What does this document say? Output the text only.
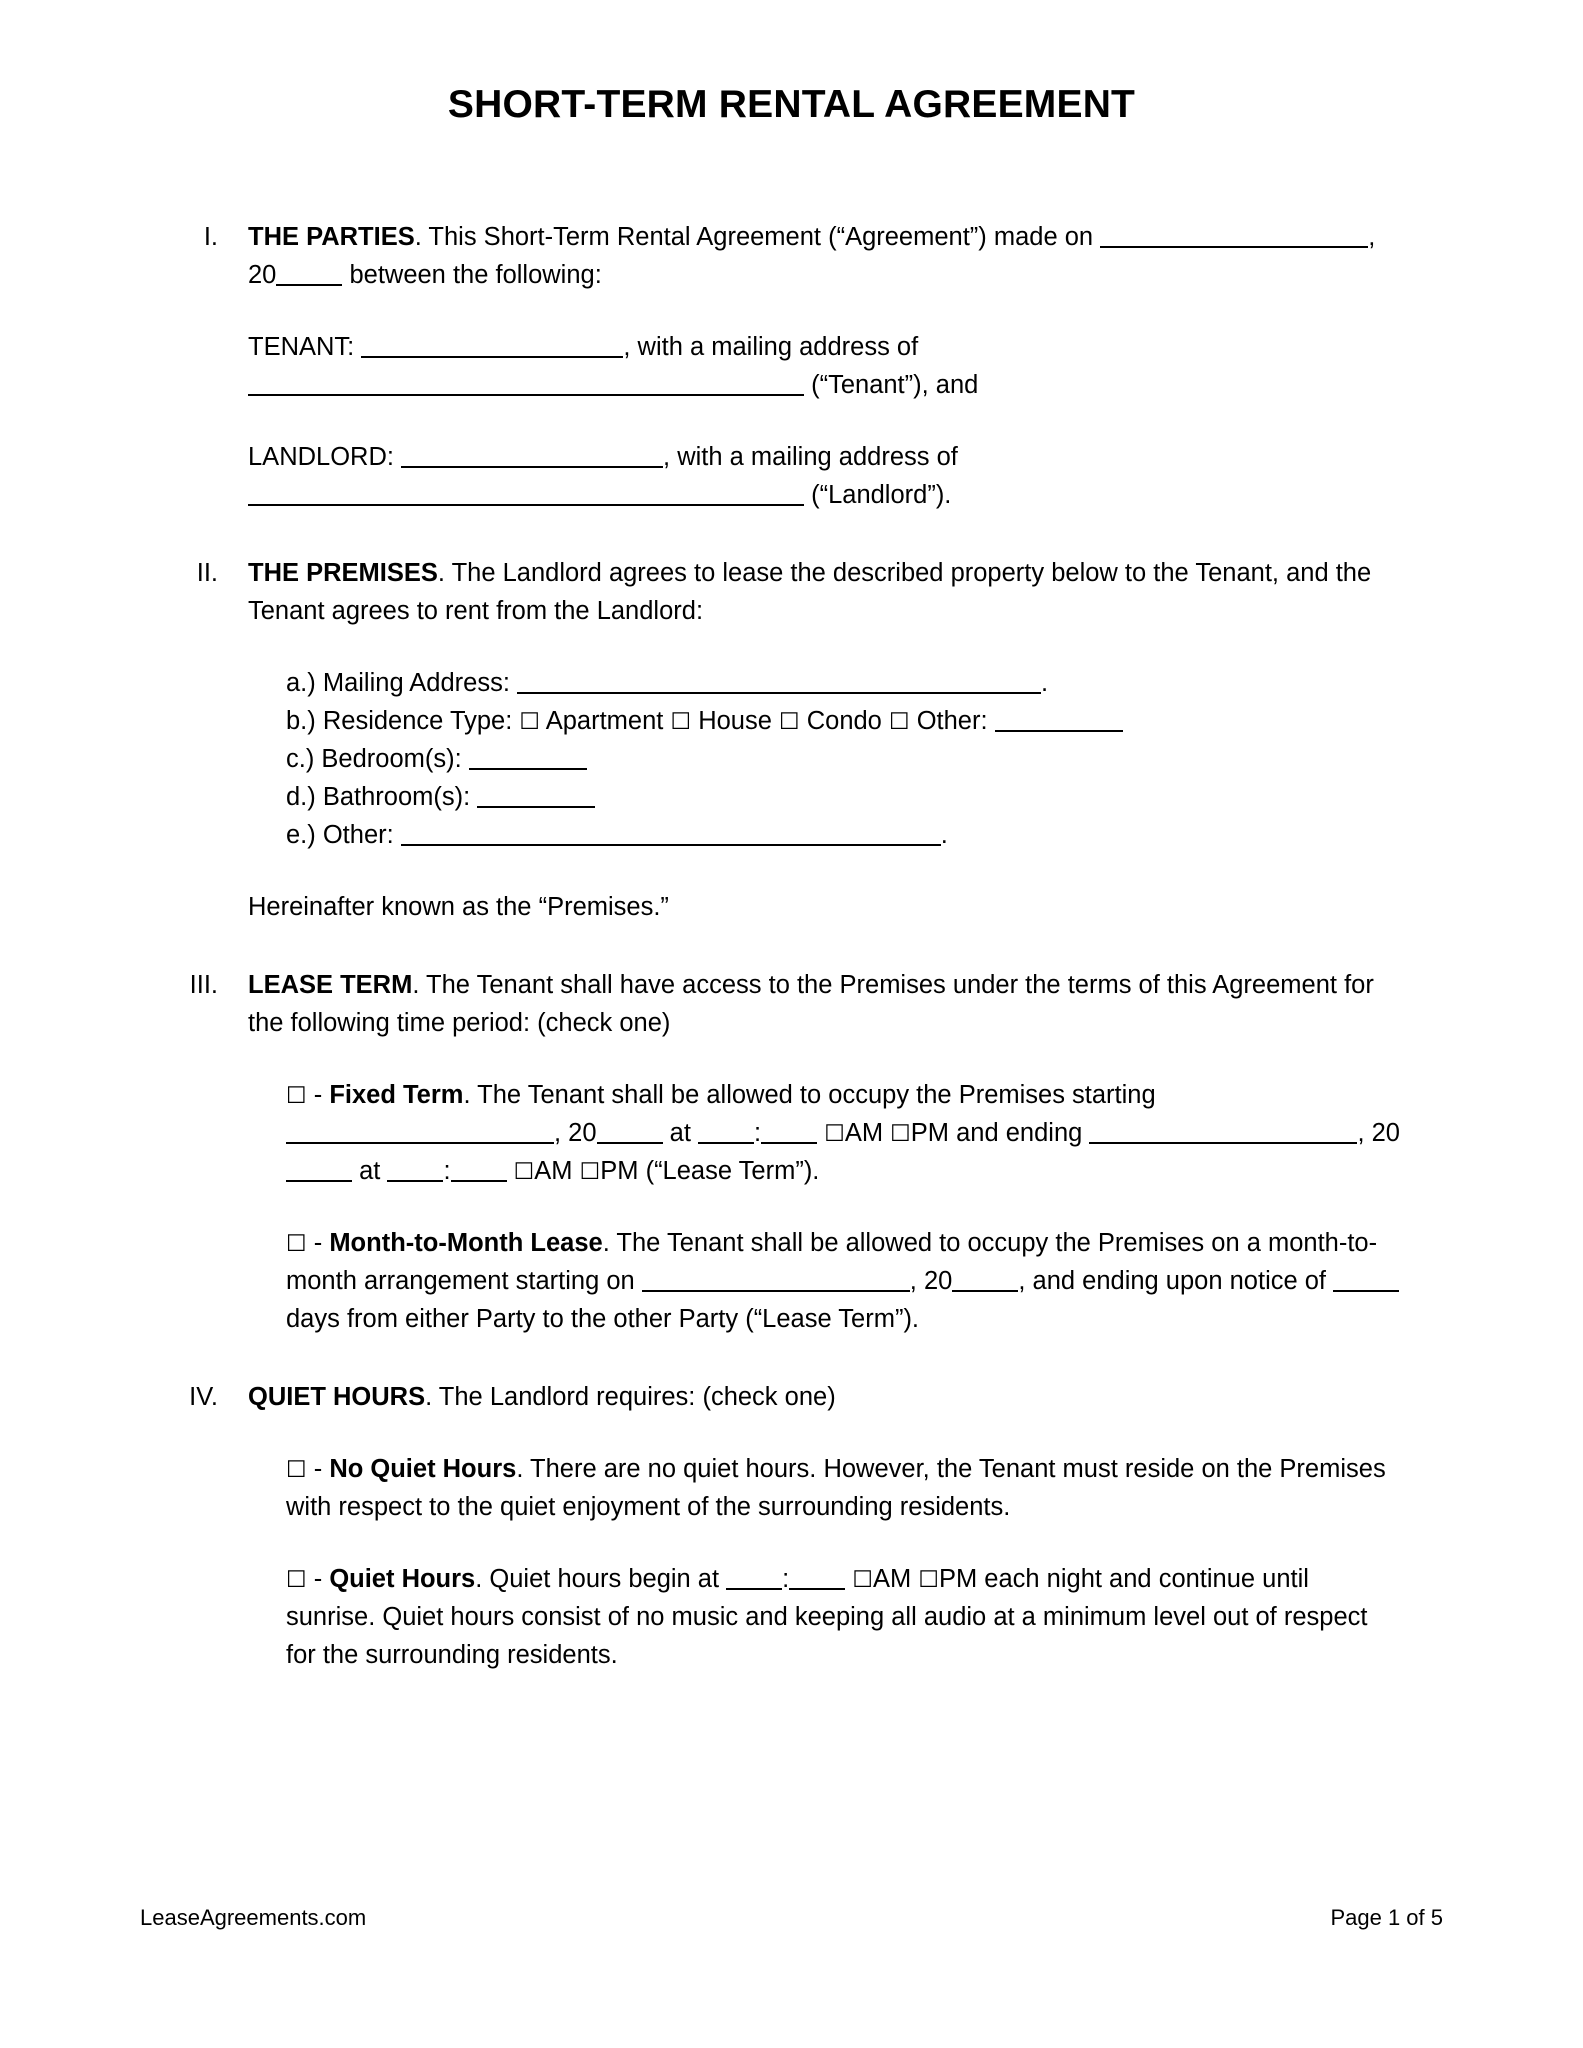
SHORT-TERM RENTAL AGREEMENT
I.	THE PARTIES. This Short-Term Rental Agreement (“Agreement”) made on	, 20	between the following:
TENANT:	, with a mailing address of
(“Tenant”), and
LANDLORD:	, with a mailing address of
(“Landlord”).
II.	THE PREMISES. The Landlord agrees to lease the described property below to the Tenant, and the Tenant agrees to rent from the Landlord:
a.) Mailing Address:	.
b.) Residence Type: ☐ Apartment ☐ House ☐ Condo ☐ Other:
c.) Bedroom(s):
d.) Bathroom(s):
e.) Other:	.
Hereinafter known as the “Premises.”
III.	LEASE TERM. The Tenant shall have access to the Premises under the terms of this Agreement for the following time period: (check one)
☐ - Fixed Term. The Tenant shall be allowed to occupy the Premises starting , 20	at :	☐AM ☐PM and ending	, 20 at :	☐AM ☐PM (“Lease Term”).
☐ - Month-to-Month Lease. The Tenant shall be allowed to occupy the Premises on a month-to-month arrangement starting on	, 20	, and ending upon notice of  days from either Party to the other Party (“Lease Term”).
IV.	QUIET HOURS. The Landlord requires: (check one)
☐ - No Quiet Hours. There are no quiet hours. However, the Tenant must reside on the Premises with respect to the quiet enjoyment of the surrounding residents.
☐ - Quiet Hours. Quiet hours begin at :	☐AM ☐PM each night and continue until sunrise. Quiet hours consist of no music and keeping all audio at a minimum level out of respect for the surrounding residents.
LeaseAgreements.com	Page 1 of 5
